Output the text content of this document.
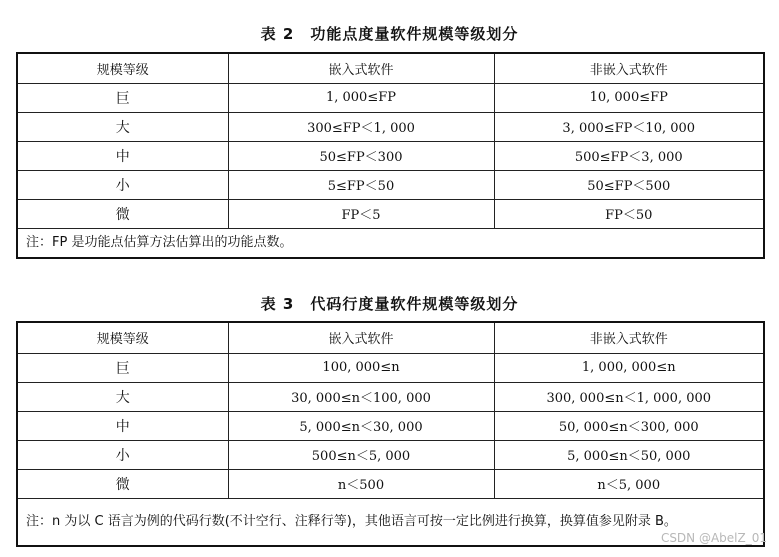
表 2　功能点度量软件规模等级划分
规模等级	嵌入式软件	非嵌入式软件
巨	1, 000≤FP	10, 000≤FP
大	300≤FP＜1, 000	3, 000≤FP＜10, 000
中	50≤FP＜300	500≤FP＜3, 000
小	5≤FP＜50	50≤FP＜500
微	FP＜5	FP＜50
注：FP 是功能点估算方法估算出的功能点数。		
表 3　代码行度量软件规模等级划分
规模等级	嵌入式软件	非嵌入式软件
巨	100, 000≤n	1, 000, 000≤n
大	30, 000≤n＜100, 000	300, 000≤n＜1, 000, 000
中	5, 000≤n＜30, 000	50, 000≤n＜300, 000
小	500≤n＜5, 000	5, 000≤n＜50, 000
微	n＜500	n＜5, 000
注：n 为以 C 语言为例的代码行数(不计空行、注释行等)，其他语言可按一定比例进行换算，换算值参见附录 B。		
CSDN @AbelZ_01
